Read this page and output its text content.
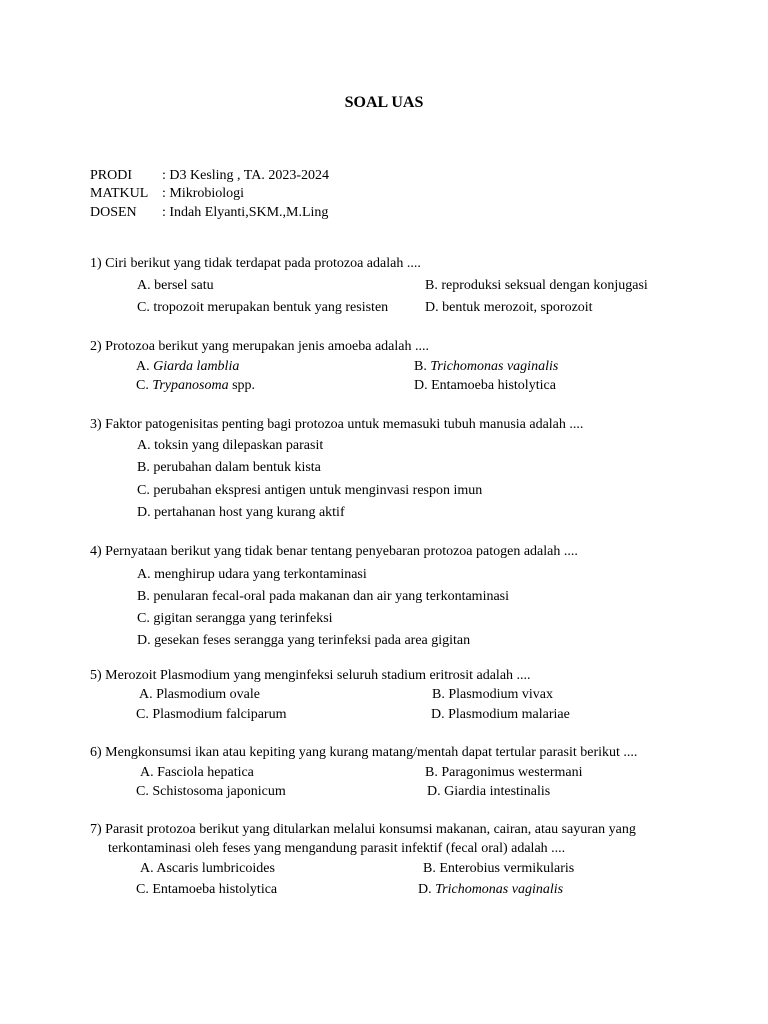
SOAL UAS
PRODI : D3 Kesling , TA. 2023-2024
MATKUL : Mikrobiologi
DOSEN : Indah Elyanti,SKM.,M.Ling
1) Ciri berikut yang tidak terdapat pada protozoa adalah ....
A. bersel satu	B. reproduksi seksual dengan konjugasi
C. tropozoit merupakan bentuk yang resisten	D. bentuk merozoit, sporozoit
2) Protozoa berikut yang merupakan jenis amoeba adalah ....
A. Giarda lamblia	B. Trichomonas vaginalis
C. Trypanosoma spp.	D. Entamoeba histolytica
3) Faktor patogenisitas penting bagi protozoa untuk memasuki tubuh manusia adalah ....
A. toksin yang dilepaskan parasit
B. perubahan dalam bentuk kista
C. perubahan ekspresi antigen untuk menginvasi respon imun
D. pertahanan host yang kurang aktif
4) Pernyataan berikut yang tidak benar tentang penyebaran protozoa patogen adalah ....
A. menghirup udara yang terkontaminasi
B. penularan fecal-oral pada makanan dan air yang terkontaminasi
C. gigitan serangga yang terinfeksi
D. gesekan feses serangga yang terinfeksi pada area gigitan
5) Merozoit Plasmodium yang menginfeksi seluruh stadium eritrosit adalah ....
A. Plasmodium ovale	B. Plasmodium vivax
C. Plasmodium falciparum	D. Plasmodium malariae
6) Mengkonsumsi ikan atau kepiting yang kurang matang/mentah dapat tertular parasit berikut ....
A. Fasciola hepatica	B. Paragonimus westermani
C. Schistosoma japonicum	D. Giardia intestinalis
7) Parasit protozoa berikut yang ditularkan melalui konsumsi makanan, cairan, atau sayuran yang
terkontaminasi oleh feses yang mengandung parasit infektif (fecal oral) adalah ....
A. Ascaris lumbricoides	B. Enterobius vermikularis
C. Entamoeba histolytica	D. Trichomonas vaginalis
